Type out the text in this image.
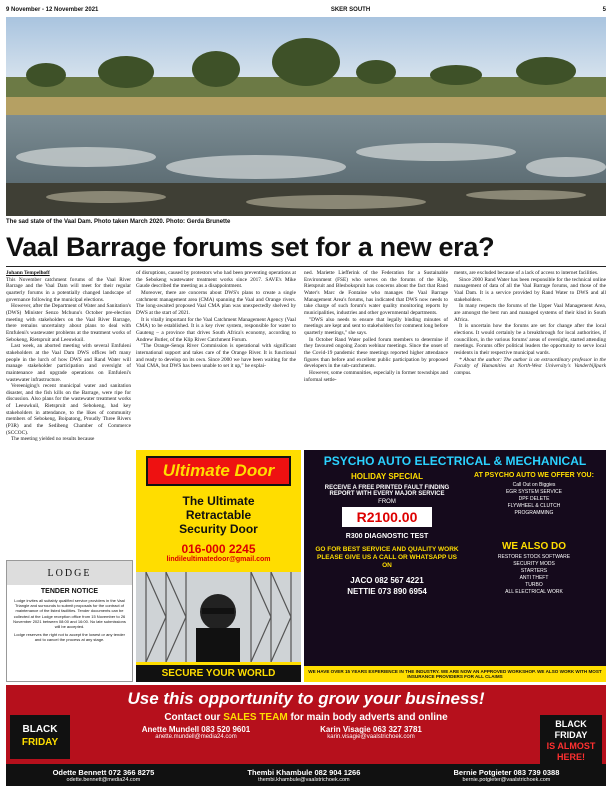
9 November - 12 November 2021	SKER SOUTH	5
The sad state of the Vaal Dam. Photo taken March 2020. Photo: Gerda Brunette
Vaal Barrage forums set for a new era?

Johann Tempelhoff

This November catchment forums of the Vaal River Barrage and the Vaal Dam will meet for their regular quarterly forums in a potentially changed landscape of governance following the municipal elections.

However, after the Department of Water and Sanitation's (DWS) Minister Senzo Mchunu's October pre-election meeting with stakeholders on the Vaal River Barrage, there remains uncertainty about plans to deal with Emfuleni's wastewater problems at the treatment works of Sebokeng, Rietspruit and Leeuwkuil.

Last week, an aborted meeting with several Emfuleni stakeholders at the Vaal Dam DWS offices left many people in the lurch of how DWS and Rand Water will manage stakeholder participation and oversight of maintenance and upgrade operations on Emfuleni's wastewater infrastructure.

Vereeniging's recent municipal water and sanitation disaster, and the fish kills on the Barrage, were ripe for discussion. Also plans for the wastewater treatment works of Leeuwkuil, Rietspruit and Sebokeng, had key stakeholders in attendance, to the likes of community members of Sebokeng, Boipatong, Proudly Three Rivers (P3R) and the Sedibeng Chamber of Commerce (SCCOC).

The meeting yielded no results because

of disruptions, caused by protestors who had been preventing operations at the Sebokeng wastewater treatment works since 2017. SAVE's Mike Gaude described the meeting as a disappointment.

Moreover, there are concerns about DWS's plans to create a single catchment management area (CMA) spanning the Vaal and Orange rivers. The long-awaited proposed Vaal CMA plan was unexpectedly shelved by DWS at the start of 2021.

It is vitally important for the Vaal Catchment Management Agency (Vaal CMA) to be established. It is a key river system, responsible for water to Gauteng – a province that drives South Africa's economy, according to Andrew Butler, of the Klip River Catchment Forum.

"The Orange-Senqu River Commission is operational with significant international support and takes care of the Orange River. It is functional and ready to develop on its own. Since 2000 we have been waiting for the Vaal CMA, but DWS has been unable to set it up," he explai-

ned. Mariette Liefferink of the Federation for a Sustainable Environment (FSE) who serves on the forums of the Klip, Rietspruit and Blesbokspruit has concerns about the fact that Rand Water's Marc de Fontaine who manages the Vaal Barrage Management Area's forums, has indicated that DWS now needs to take charge of such forum's water quality monitoring reports by municipalities, industries and other governmental departments.

"DWS also needs to ensure that legally binding minutes of meetings are kept and sent to stakeholders for comment long before quarterly meetings," she says.

In October Rand Water polled forum members to determine if they favoured ongoing Zoom webinar meetings. Since the onset of the Covid-19 pandemic these meetings reported higher attendance figures than before and excellent public participation by proposed developers in the sub-catchments.

However, some communities, especially in former townships and informal settle-

ments, are excluded because of a lack of access to internet facilities.

Since 2000 Rand Water has been responsible for the technical online management of data of all the Vaal Barrage forums, and those of the Vaal Dam. It is a service provided by Rand Water to DWS and all stakeholders.

In many respects the forums of the Upper Vaal Management Area, are amongst the best run and managed systems of their kind in South Africa.

It is uncertain how the forums are set for change after the local elections. It would certainly be a breakthrough for local authorities, if councillors, in the various forums' areas of oversight, started attending meetings. Forums offer political leaders the opportunity to serve local residents in their respective municipal wards.

* About the author: The author is an extraordinary professor in the Faculty of Humanities at North-West University's Vanderbijlpark campus.

LODGE
TENDER NOTICE
Lodge invites all suitably qualified service providers in the Vaal Triangle and surrounds to submit proposals for the contract of maintenance of the listed facilities. Tender documents can be collected at the Lodge reception office from 15 November to 26 November 2021 between 08:00 and 16:00. No late submissions will be accepted.
Lodge reserves the right not to accept the lowest or any tender and to cancel the process at any stage.
Ultimate Door
The Ultimate
Retractable
Security Door
016-000 2245
lindileultimatedoor@gmail.com
SECURE YOUR WORLD
PSYCHO AUTO ELECTRICAL & MECHANICAL
HOLIDAY SPECIAL
RECEIVE A FREE PRINTED FAULT FINDING REPORT WITH EVERY MAJOR SERVICE
FROM
R2100.00
R300 DIAGNOSTIC TEST
GO FOR BEST SERVICE AND QUALITY WORK PLEASE GIVE US A CALL OR WHATSAPP US ON
JACO 082 567 4221
NETTIE 073 890 6954
AT PSYCHO AUTO WE OFFER YOU:
Call Out on Biggies
EGR SYSTEM SERVICE
DPF DELETE
FLYWHEEL & CLUTCH
PROGRAMMING
WE ALSO DO
RESTORE STOCK SOFTWARE
SECURITY MODS
STARTERS
ANTI THEFT
TURBO
ALL ELECTRICAL WORK
WE HAVE OVER 15 YEARS EXPERIENCE IN THE INDUSTRY. WE ARE NOW AN APPROVED WORKSHOP. WE ALSO WORK WITH MOST INSURANCE PROVIDERS FOR ALL CLAIMS
Use this opportunity to grow your business!
Contact our SALES TEAM for main body adverts and online
BLACK
FRIDAY
BLACK
FRIDAY
IS ALMOST
HERE!
Anette Mundell 083 520 9601
anette.mundell@media24.com
Karin Visagie 063 327 3781
karin.visagie@vaalstrichoek.com
Odette Bennett 072 366 8275
odette.bennett@media24.com
Thembi Khambule 082 904 1266
thembi.khambule@vaalstrichoek.com
Bernie Potgieter 083 739 0388
bernie.potgieter@vaalstrichoek.com
